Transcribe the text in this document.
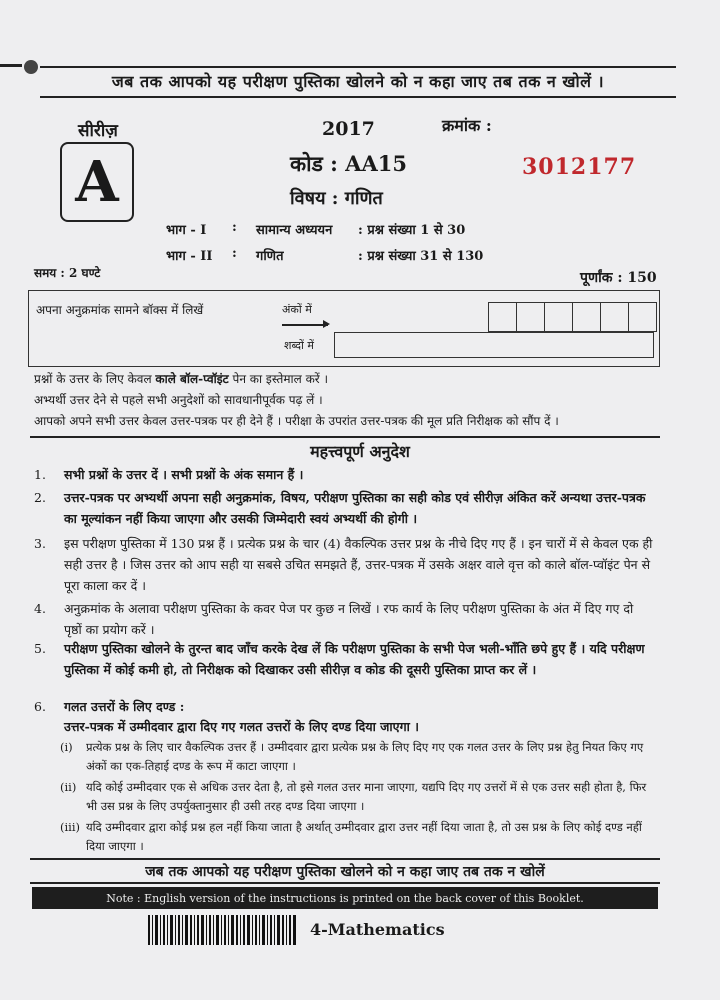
जब तक आपको यह परीक्षण पुस्तिका खोलने को न कहा जाए तब तक न खोलें ।
सीरीज़
A
2017	क्रमांक :
कोड : AA15	3012177
विषय : गणित
भाग - I : सामान्य अध्ययन : प्रश्न संख्या 1 से 30
भाग - II : गणित	: प्रश्न संख्या 31 से 130
समय : 2 घण्टे	पूर्णांक : 150
अपना अनुक्रमांक सामने बॉक्स में लिखें	अंकों में
शब्दों में
प्रश्नों के उत्तर के लिए केवल काले बॉल-प्वॉइंट पेन का इस्तेमाल करें ।
अभ्यर्थी उत्तर देने से पहले सभी अनुदेशों को सावधानीपूर्वक पढ़ लें ।
आपको अपने सभी उत्तर केवल उत्तर-पत्रक पर ही देने हैं । परीक्षा के उपरांत उत्तर-पत्रक की मूल प्रति निरीक्षक को सौंप दें ।
महत्त्वपूर्ण अनुदेश
1. सभी प्रश्नों के उत्तर दें । सभी प्रश्नों के अंक समान हैं ।
2. उत्तर-पत्रक पर अभ्यर्थी अपना सही अनुक्रमांक, विषय, परीक्षण पुस्तिका का सही कोड एवं सीरीज़ अंकित करें अन्यथा उत्तर-पत्रक का मूल्यांकन नहीं किया जाएगा और उसकी जिम्मेदारी स्वयं अभ्यर्थी की होगी ।
3. इस परीक्षण पुस्तिका में 130 प्रश्न हैं । प्रत्येक प्रश्न के चार (4) वैकल्पिक उत्तर प्रश्न के नीचे दिए गए हैं । इन चारों में से केवल एक ही सही उत्तर है । जिस उत्तर को आप सही या सबसे उचित समझते हैं, उत्तर-पत्रक में उसके अक्षर वाले वृत्त को काले बॉल-प्वॉइंट पेन से पूरा काला कर दें ।
4. अनुक्रमांक के अलावा परीक्षण पुस्तिका के कवर पेज पर कुछ न लिखें । रफ कार्य के लिए परीक्षण पुस्तिका के अंत में दिए गए दो पृष्ठों का प्रयोग करें ।
5. परीक्षण पुस्तिका खोलने के तुरन्त बाद जाँच करके देख लें कि परीक्षण पुस्तिका के सभी पेज भली-भाँति छपे हुए हैं । यदि परीक्षण पुस्तिका में कोई कमी हो, तो निरीक्षक को दिखाकर उसी सीरीज़ व कोड की दूसरी पुस्तिका प्राप्त कर लें ।
6. गलत उत्तरों के लिए दण्ड :
उत्तर-पत्रक में उम्मीदवार द्वारा दिए गए गलत उत्तरों के लिए दण्ड दिया जाएगा ।
(i) प्रत्येक प्रश्न के लिए चार वैकल्पिक उत्तर हैं । उम्मीदवार द्वारा प्रत्येक प्रश्न के लिए दिए गए एक गलत उत्तर के लिए प्रश्न हेतु नियत किए गए अंकों का एक-तिहाई दण्ड के रूप में काटा जाएगा ।
(ii) यदि कोई उम्मीदवार एक से अधिक उत्तर देता है, तो इसे गलत उत्तर माना जाएगा, यद्यपि दिए गए उत्तरों में से एक उत्तर सही होता है, फिर भी उस प्रश्न के लिए उपर्युक्तानुसार ही उसी तरह दण्ड दिया जाएगा ।
(iii) यदि उम्मीदवार द्वारा कोई प्रश्न हल नहीं किया जाता है अर्थात् उम्मीदवार द्वारा उत्तर नहीं दिया जाता है, तो उस प्रश्न के लिए कोई दण्ड नहीं दिया जाएगा ।
जब तक आपको यह परीक्षण पुस्तिका खोलने को न कहा जाए तब तक न खोलें
Note : English version of the instructions is printed on the back cover of this Booklet.
4-Mathematics
